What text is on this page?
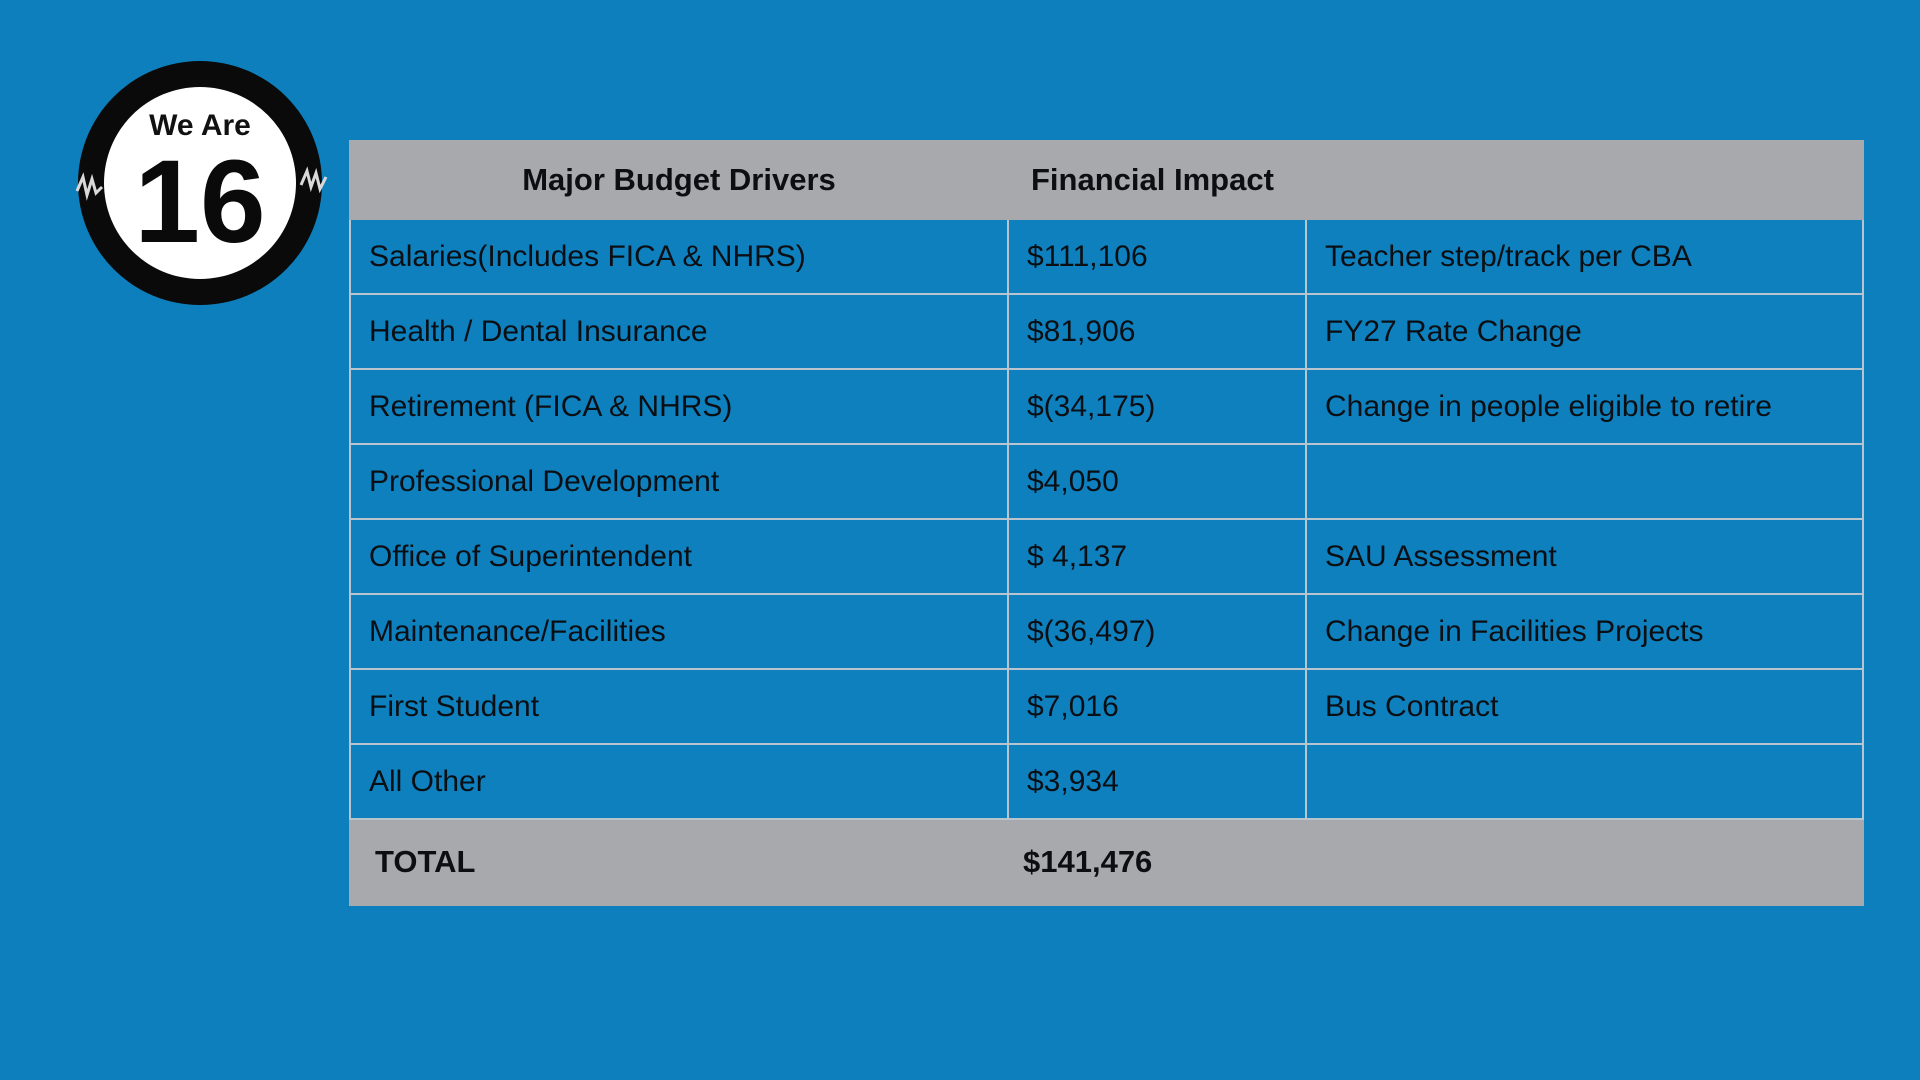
We Are
16	Major Budget Drivers	Financial Impact	
Salaries(Includes FICA & NHRS)	$111,106	Teacher step/track per CBA
Health / Dental Insurance	$81,906	FY27 Rate Change
Retirement (FICA & NHRS)	$(34,175)	Change in people eligible to retire
Professional Development	$4,050	
Office of Superintendent	$ 4,137	SAU Assessment
Maintenance/Facilities	$(36,497)	Change in Facilities Projects
First Student	$7,016	Bus Contract
All Other	$3,934	
TOTAL	$141,476	
